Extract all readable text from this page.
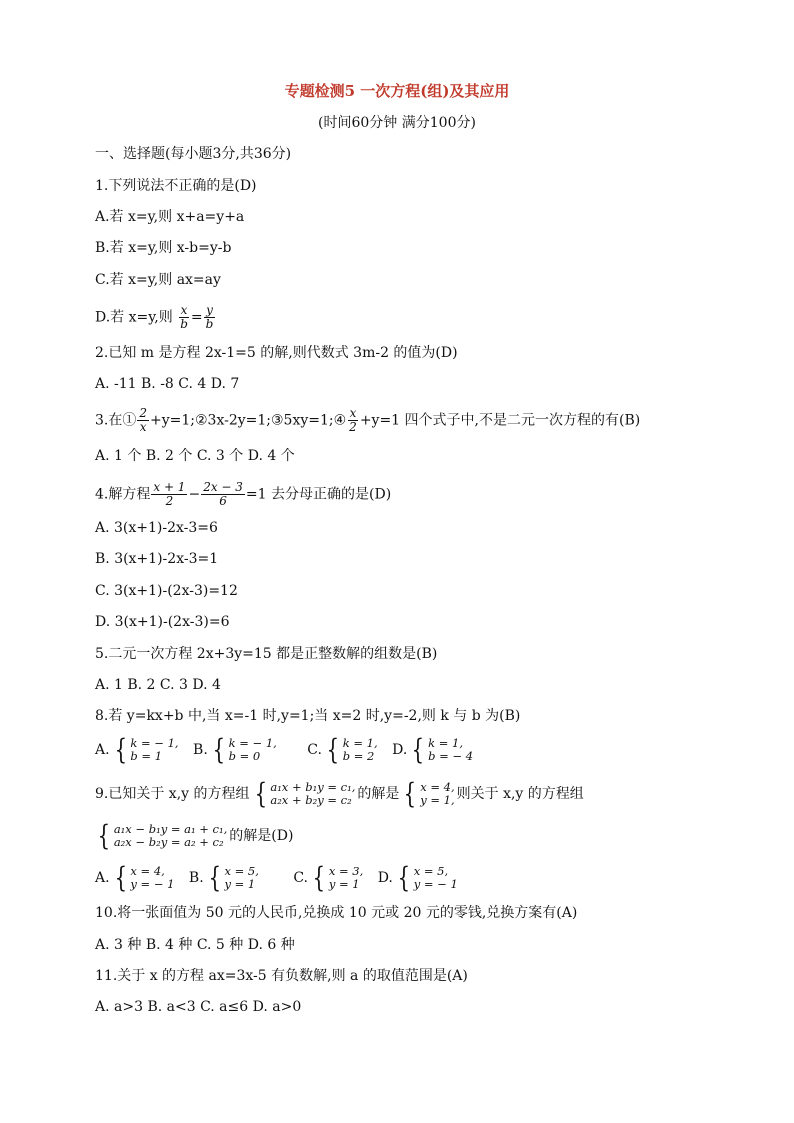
专题检测5 一次方程(组)及其应用
(时间60分钟 满分100分)
一、选择题(每小题3分,共36分)
1.下列说法不正确的是(D)
A.若 x=y,则 x+a=y+a
B.若 x=y,则 x-b=y-b
C.若 x=y,则 ax=ay
D.若 x=y,则 $\frac{x}{b} = \frac{y}{b}$
2.已知 m 是方程 2x-1=5 的解,则代数式 3m-2 的值为(D)
A. -11 B. -8 C. 4 D. 7
3.在① $\frac{2}{x}$ +y=1;②3x-2y=1;③5xy=1;④ $\frac{x}{2} +y=1$ 四个式子中,不是二元一次方程的有(B)
A. 1 个 B. 2 个 C. 3 个 D. 4 个
4.解方程 $\frac{x + 1}{2} - \frac{2x - 3}{6} =1$ 去分母正确的是(D)
A. 3(x+1)-2x-3=6
B. 3(x+1)-2x-3=1
C. 3(x+1)-(2x-3)=12
D. 3(x+1)-(2x-3)=6
5.二元一次方程 2x+3y=15 都是正整数解的组数是(B)
A. 1 B. 2 C. 3 D. 4
8.若 y=kx+b 中,当 x=-1 时,y=1;当 x=2 时,y=-2,则 k 与 b 为(B)
A. { k = − 1,
b = 1	B. { k = − 1,
b = 0	C. { k = 1,
b = 2 D. { k = 1,
b = − 4
9.已知关于 x,y 的方程组 { a₁x + b₁y = c₁,
a₂x + b₂y = c₂ 的解是 { x = 4,
y = 1, 则关于 x,y 的方程组
{ a₁x − b₁y = a₁ + c₁,
a₂x − b₂y = a₂ + c₂ 的解是(D)
A. { x = 4,
y = − 1 B. { x = 5,
y = 1	C. { x = 3,
y = 1 D. { x = 5,
y = − 1
10.将一张面值为 50 元的人民币,兑换成 10 元或 20 元的零钱,兑换方案有(A)
A. 3 种 B. 4 种 C. 5 种 D. 6 种
11.关于 x 的方程 ax=3x-5 有负数解,则 a 的取值范围是(A)
A. a>3 B. a<3 C. a≤6 D. a>0
